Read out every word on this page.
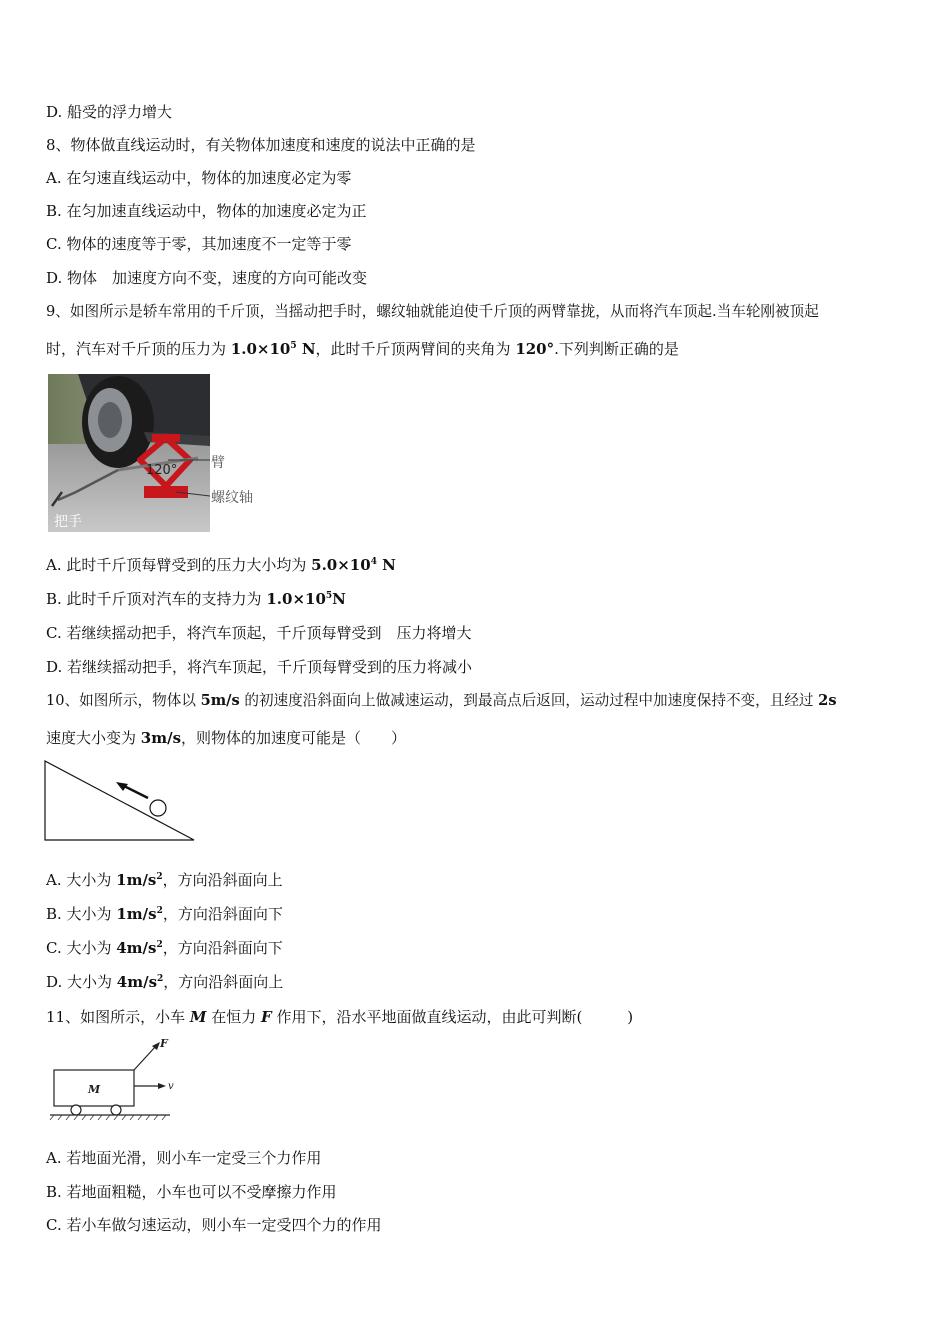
D. 船受的浮力增大
8、物体做直线运动时，有关物体加速度和速度的说法中正确的是
A. 在匀速直线运动中，物体的加速度必定为零
B. 在匀加速直线运动中，物体的加速度必定为正
C. 物体的速度等于零，其加速度不一定等于零
D. 物体　加速度方向不变，速度的方向可能改变
9、如图所示是轿车常用的千斤顶，当摇动把手时，螺纹轴就能迫使千斤顶的两臂靠拢，从而将汽车顶起.当车轮刚被顶起
时，汽车对千斤顶的压力为 $1.0\times 10^5$ N，此时千斤顶两臂间的夹角为 120°.下列判断正确的是
120° 臂
螺纹轴
把手
A. 此时千斤顶每臂受到的压力大小均为 $5.0\times 10^4$ N
B. 此时千斤顶对汽车的支持力为 $1.0\times 10^5N$
C. 若继续摇动把手，将汽车顶起，千斤顶每臂受到　压力将增大
D. 若继续摇动把手，将汽车顶起，千斤顶每臂受到的压力将减小
10、如图所示，物体以 5m/s 的初速度沿斜面向上做减速运动，到最高点后返回，运动过程中加速度保持不变，且经过 2s
速度大小变为 3m/s，则物体的加速度可能是（　　）
A. 大小为 $1m/s^2$，方向沿斜面向上
B. 大小为 $1m/s^2$，方向沿斜面向下
C. 大小为 $4m/s^2$，方向沿斜面向下
D. 大小为 $4m/s^2$，方向沿斜面向上
11、如图所示，小车 M 在恒力 F 作用下，沿水平地面做直线运动，由此可判断(　　　)
M
F
v
A. 若地面光滑，则小车一定受三个力作用
B. 若地面粗糙，小车也可以不受摩擦力作用
C. 若小车做匀速运动，则小车一定受四个力的作用
